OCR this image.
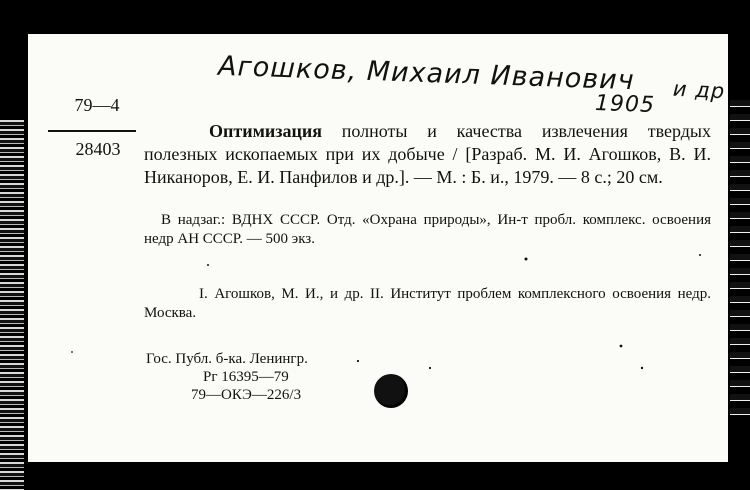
Агошков, Михаил Иванович
1905
и др
79—4
28403

Оптимизация полноты и качества извлечения твердых полезных ископаемых при их добыче / [Разраб. М. И. Агошков, В. И. Никаноров, Е. И. Панфилов и др.]. — М. : Б. и., 1979. — 8 с.; 20 см.

В надзаг.: ВДНХ СССР. Отд. «Охрана природы», Ин-т пробл. комплекс. освоения недр АН СССР. — 500 экз.

I. Агошков, М. И., и др. II. Институт проблем комплексного освоения недр. Москва.

Гос. Публ. б-ка. Ленингр.
Рг 16395—79
79—ОКЭ—226/3
